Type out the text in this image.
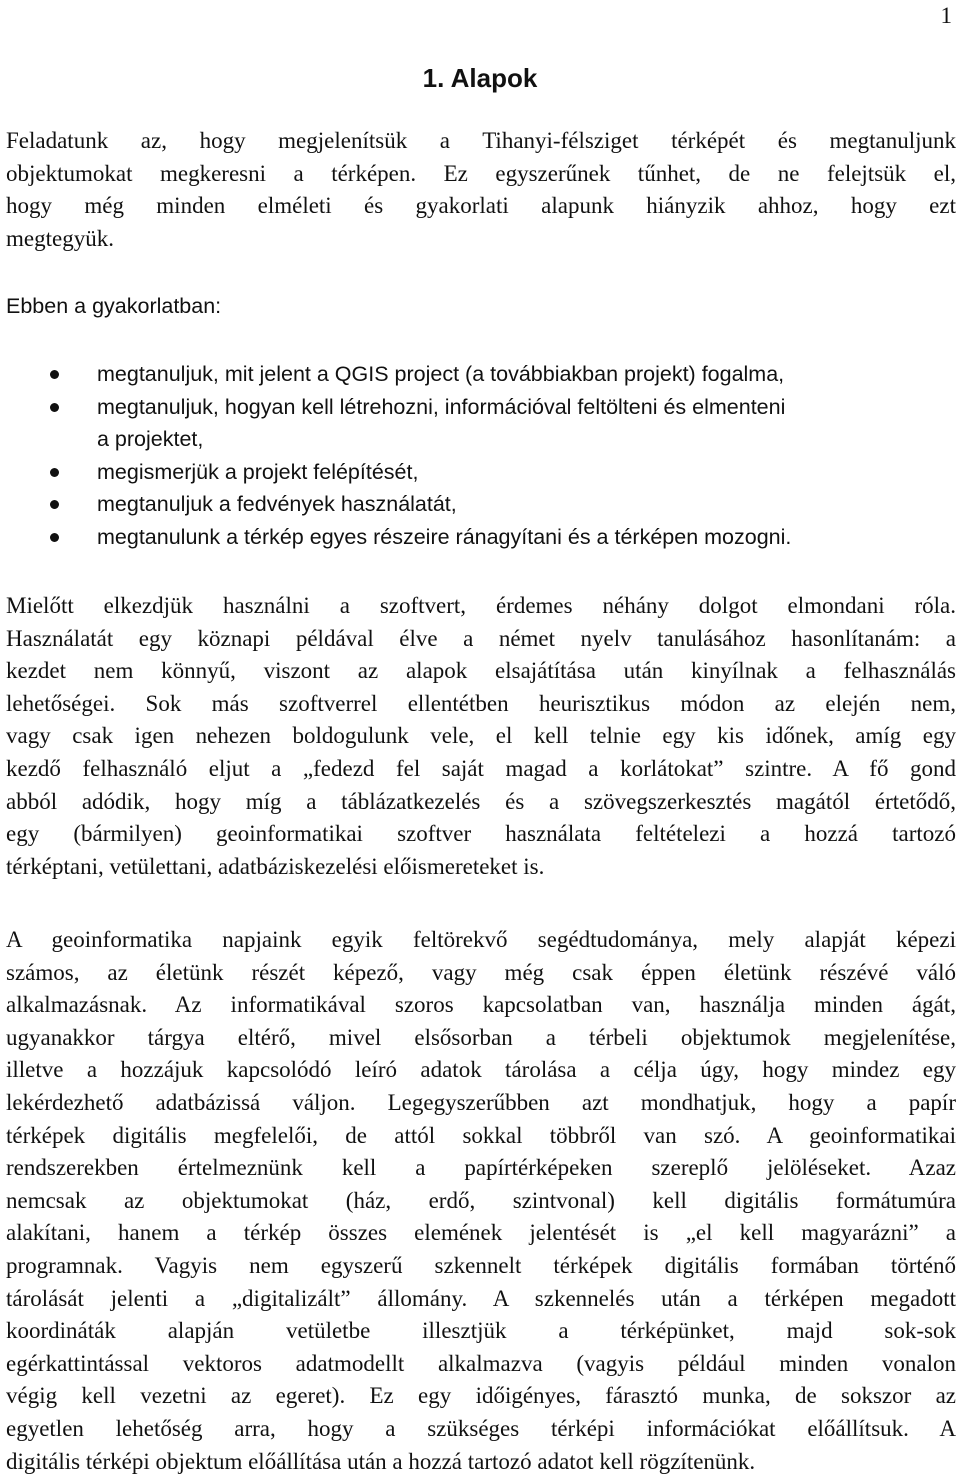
1
1. Alapok

Feladatunk az, hogy megjelenítsük a Tihanyi-félsziget térképét és megtanuljunk
objektumokat megkeresni a térképen. Ez egyszerűnek tűnhet, de ne felejtsük el,
hogy még minden elméleti és gyakorlati alapunk hiányzik ahhoz, hogy ezt
megtegyük.

Ebben a gyakorlatban:

megtanuljuk, mit jelent a QGIS project (a továbbiakban projekt) fogalma,
megtanuljuk, hogyan kell létrehozni, információval feltölteni és elmenteni
a projektet,
megismerjük a projekt felépítését,
megtanuljuk a fedvények használatát,
megtanulunk a térkép egyes részeire ránagyítani és a térképen mozogni.

Mielőtt elkezdjük használni a szoftvert, érdemes néhány dolgot elmondani róla.
Használatát egy köznapi példával élve a német nyelv tanulásához hasonlítanám: a
kezdet nem könnyű, viszont az alapok elsajátítása után kinyílnak a felhasználás
lehetőségei. Sok más szoftverrel ellentétben heurisztikus módon az elején nem,
vagy csak igen nehezen boldogulunk vele, el kell telnie egy kis időnek, amíg egy
kezdő felhasználó eljut a „fedezd fel saját magad a korlátokat” szintre. A fő gond
abból adódik, hogy míg a táblázatkezelés és a szövegszerkesztés magától értetődő,
egy (bármilyen) geoinformatikai szoftver használata feltételezi a hozzá tartozó
térképtani, vetülettani, adatbáziskezelési előismereteket is.

A geoinformatika napjaink egyik feltörekvő segédtudománya, mely alapját képezi
számos, az életünk részét képező, vagy még csak éppen életünk részévé váló
alkalmazásnak. Az informatikával szoros kapcsolatban van, használja minden ágát,
ugyanakkor tárgya eltérő, mivel elsősorban a térbeli objektumok megjelenítése,
illetve a hozzájuk kapcsolódó leíró adatok tárolása a célja úgy, hogy mindez egy
lekérdezhető adatbázissá váljon. Legegyszerűbben azt mondhatjuk, hogy a papír
térképek digitális megfelelői, de attól sokkal többről van szó. A geoinformatikai
rendszerekben értelmeznünk kell a papírtérképeken szereplő jelöléseket. Azaz
nemcsak az objektumokat (ház, erdő, szintvonal) kell digitális formátumúra
alakítani, hanem a térkép összes elemének jelentését is „el kell magyarázni” a
programnak. Vagyis nem egyszerű szkennelt térképek digitális formában történő
tárolását jelenti a „digitalizált” állomány. A szkennelés után a térképen megadott
koordináták alapján vetületbe illesztjük a térképünket, majd sok-sok
egérkattintással vektoros adatmodellt alkalmazva (vagyis például minden vonalon
végig kell vezetni az egeret). Ez egy időigényes, fárasztó munka, de sokszor az
egyetlen lehetőség arra, hogy a szükséges térképi információkat előállítsuk. A
digitális térképi objektum előállítása után a hozzá tartozó adatot kell rögzítenünk.
